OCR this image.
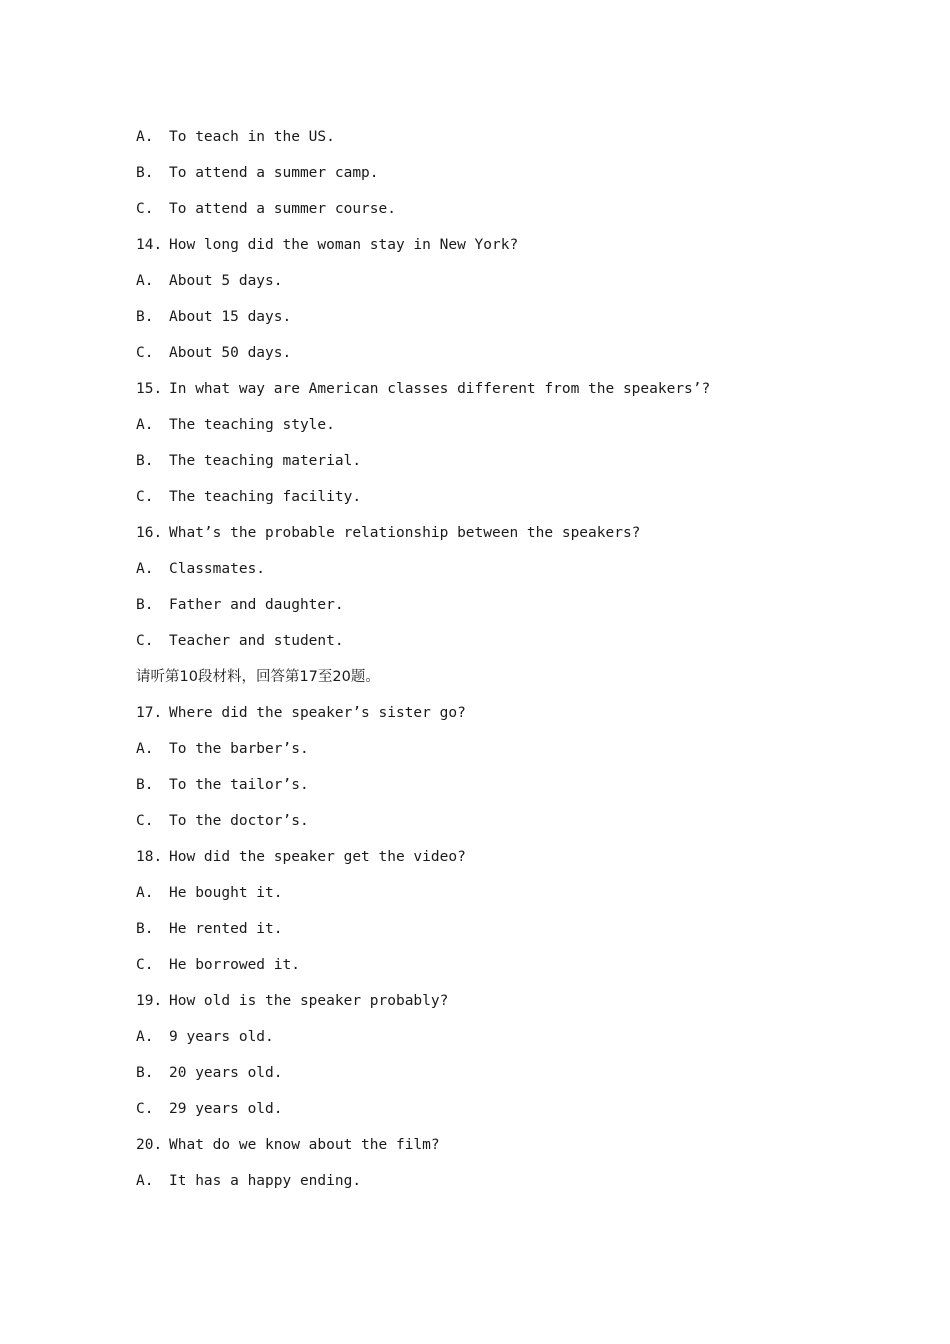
A. To teach in the US.
B. To attend a summer camp.
C. To attend a summer course.
14. How long did the woman stay in New York?
A. About 5 days.
B. About 15 days.
C. About 50 days.
15. In what way are American classes different from the speakers’?
A. The teaching style.
B. The teaching material.
C. The teaching facility.
16. What’s the probable relationship between the speakers?
A. Classmates.
B. Father and daughter.
C. Teacher and student.
请听第10段材料，回答第17至20题。
17. Where did the speaker’s sister go?
A. To the barber’s.
B. To the tailor’s.
C. To the doctor’s.
18. How did the speaker get the video?
A. He bought it.
B. He rented it.
C. He borrowed it.
19. How old is the speaker probably?
A. 9 years old.
B. 20 years old.
C. 29 years old.
20. What do we know about the film?
A. It has a happy ending.
